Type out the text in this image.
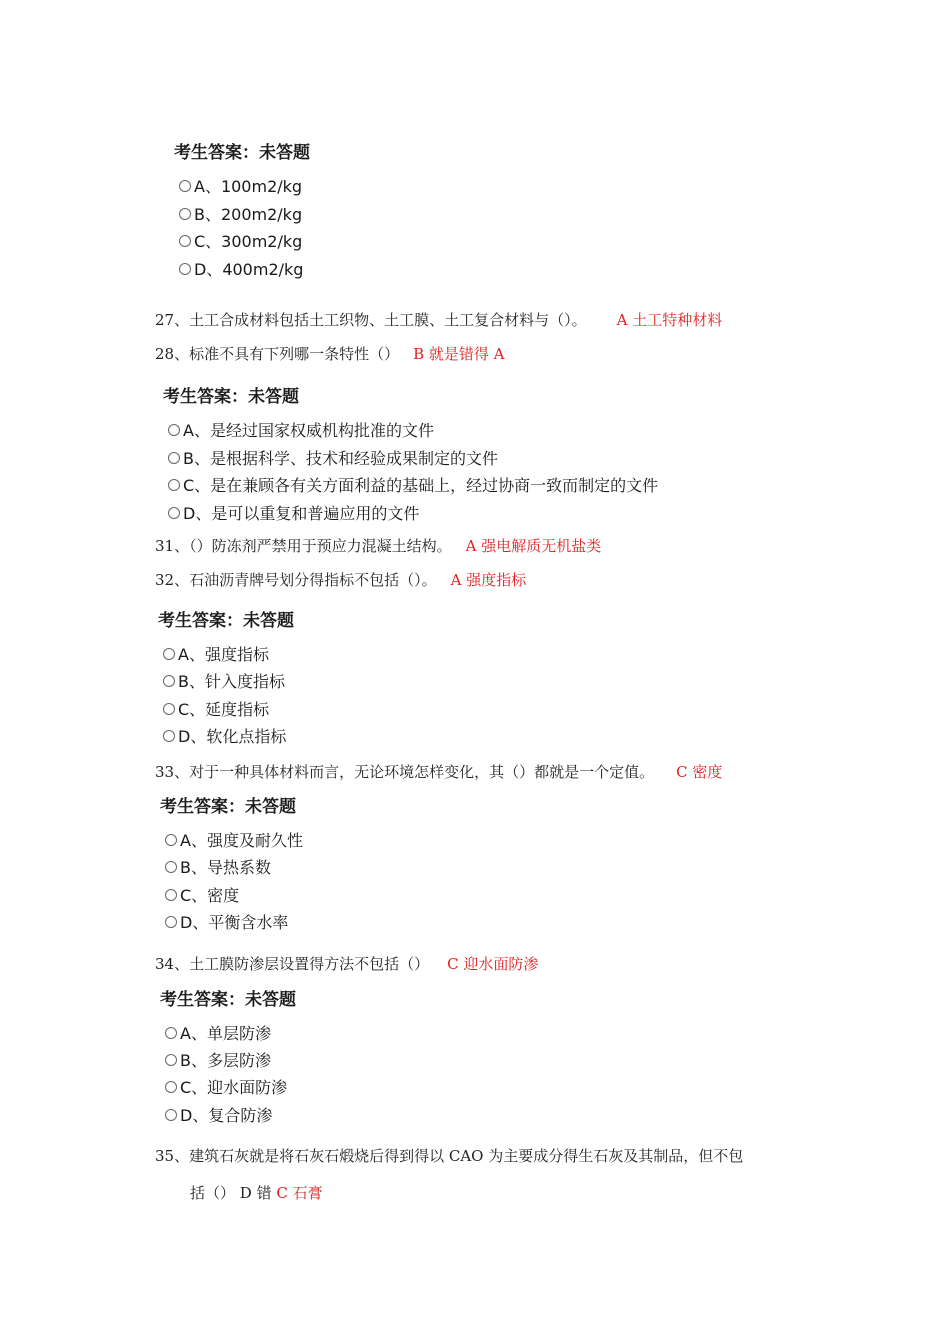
考生答案：未答题
A、100m2/kg
B、200m2/kg
C、300m2/kg
D、400m2/kg
27、土工合成材料包括土工织物、土工膜、土工复合材料与（）。 A 土工特种材料
28、标准不具有下列哪一条特性（） B 就是错得 A
考生答案：未答题
A、是经过国家权威机构批准的文件
B、是根据科学、技术和经验成果制定的文件
C、是在兼顾各有关方面利益的基础上，经过协商一致而制定的文件
D、是可以重复和普遍应用的文件
31、（）防冻剂严禁用于预应力混凝土结构。 A 强电解质无机盐类
32、石油沥青牌号划分得指标不包括（）。 A 强度指标
考生答案：未答题
A、强度指标
B、针入度指标
C、延度指标
D、软化点指标
33、对于一种具体材料而言，无论环境怎样变化，其（）都就是一个定值。 C 密度
考生答案：未答题
A、强度及耐久性
B、导热系数
C、密度
D、平衡含水率
34、土工膜防渗层设置得方法不包括（） C 迎水面防渗
考生答案：未答题
A、单层防渗
B、多层防渗
C、迎水面防渗
D、复合防渗
35、建筑石灰就是将石灰石煅烧后得到得以 CAO 为主要成分得生石灰及其制品，但不包
括（） D 错 C 石膏
